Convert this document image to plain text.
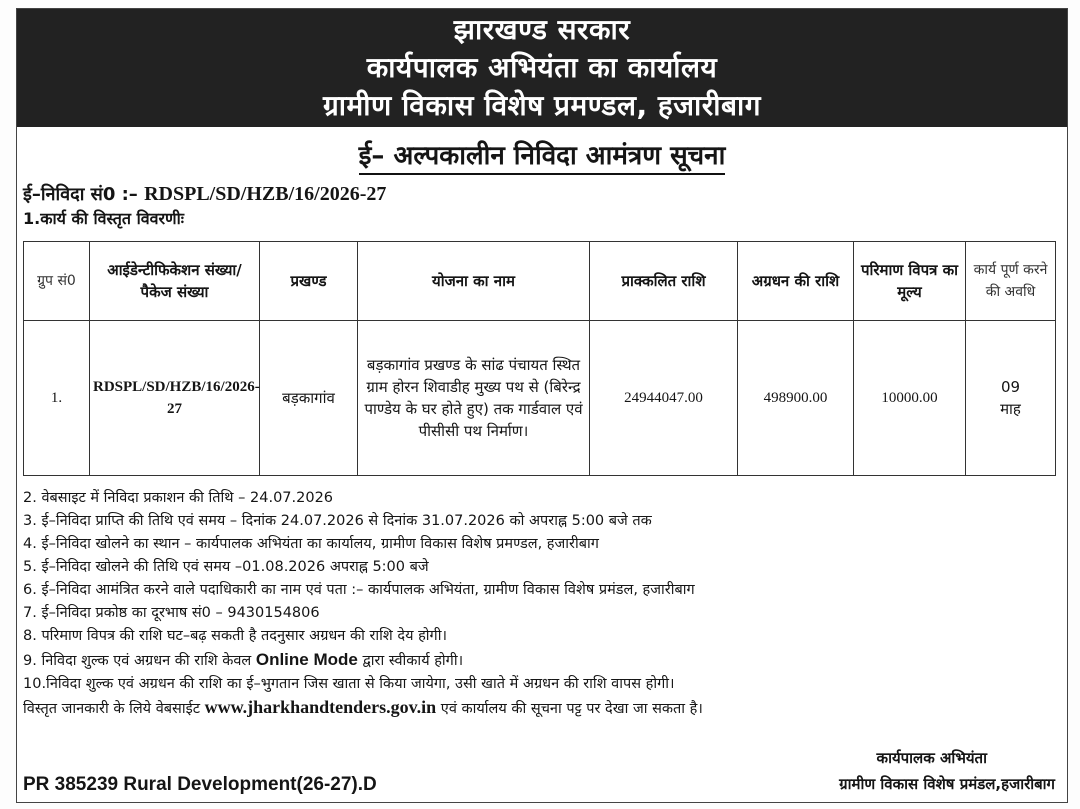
झारखण्ड सरकार
कार्यपालक अभियंता का कार्यालय
ग्रामीण विकास विशेष प्रमण्डल, हजारीबाग
ई– अल्पकालीन निविदा आमंत्रण सूचना
ई–निविदा सं0 :– RDSPL/SD/HZB/16/2026-27
1.कार्य की विस्तृत विवरणीः
ग्रुप सं0	आईडेन्टीफिकेशन संख्या/पैकेज संख्या	प्रखण्ड	योजना का नाम	प्राक्कलित राशि	अग्रधन की राशि	परिमाण विपत्र का मूल्य	कार्य पूर्ण करने की अवधि
1.	RDSPL/SD/HZB/16/2026-27	बड़कागांव	बड़कागांव प्रखण्ड के सांढ पंचायत स्थित ग्राम होरन शिवाडीह मुख्य पथ से (बिरेन्द्र पाण्डेय के घर होते हुए) तक गार्डवाल एवं पीसीसी पथ निर्माण।	24944047.00	498900.00	10000.00	09
माह
2. वेबसाइट में निविदा प्रकाशन की तिथि – 24.07.2026
3. ई–निविदा प्राप्ति की तिथि एवं समय – दिनांक 24.07.2026 से दिनांक 31.07.2026 को अपराह्न 5:00 बजे तक
4. ई–निविदा खोलने का स्थान – कार्यपालक अभियंता का कार्यालय, ग्रामीण विकास विशेष प्रमण्डल, हजारीबाग
5. ई–निविदा खोलने की तिथि एवं समय –01.08.2026 अपराह्न 5:00 बजे
6. ई–निविदा आमंत्रित करने वाले पदाधिकारी का नाम एवं पता :– कार्यपालक अभियंता, ग्रामीण विकास विशेष प्रमंडल, हजारीबाग
7. ई–निविदा प्रकोष्ठ का दूरभाष सं0 – 9430154806
8. परिमाण विपत्र की राशि घट–बढ़ सकती है तदनुसार अग्रधन की राशि देय होगी।
9. निविदा शुल्क एवं अग्रधन की राशि केवल Online Mode द्वारा स्वीकार्य होगी।
10.निविदा शुल्क एवं अग्रधन की राशि का ई–भुगतान जिस खाता से किया जायेगा, उसी खाते में अग्रधन की राशि वापस होगी।
विस्तृत जानकारी के लिये वेबसाईट www.jharkhandtenders.gov.in एवं कार्यालय की सूचना पट्ट पर देखा जा सकता है।
कार्यपालक अभियंता
ग्रामीण विकास विशेष प्रमंडल,हजारीबाग
PR 385239 Rural Development(26-27).D
